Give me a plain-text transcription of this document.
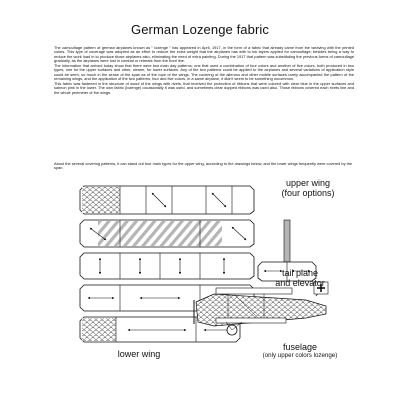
German Lozenge fabric

The camouflage pattern of german airplanes known as " lozenge " has appeared in April, 1917, in the form of a fabric that already came from the weaving with the printed colors. This type of coverage was adopted as an effort to reduce the extra weight that the airplanes has with to ink layers applied for camouflage; besides being a way to reduce the work load in to produce those airplanes also, eliminating the need of extra painting. During the 1917 that pattern was substituting the previous forms of camouflage gradually, as the airplanes were lost in combat or retreats from the front line.

The information that arrived today show that there were two main day patterns: one that used a combination of four colors and another of five colors, both produced in two types, one for the upper surfaces and other, clearer, for lower surfaces. Any of the two patterns could be applied to the airplanes and several variations of application style could be seen, so much in the sense of the span as of the rope of the wings. The covering of the ailerons and other mobile surfaces rarely accompanied the pattern of the remaining wings, and the application of the two patterns, four and five colors, in a same airplane, it didn't seem to be something uncommon.

This fabric was fastened in the structure of wood of the wings with rivets, that received the protection of ribbons that were colored with clear blue in the upper surfaces and salmon pink in the lower. The own fabric (lozenge) occasionally it was used, and sometimes clear dopped ribbons was used also. Those ribbons covered each rivets line and the whole perimeter of the wings.

About the several covering patterns, it can stand out four main types for the upper wing, according to the drawings below, and the lower wings frequently were covered by the span.

upper wing
(four options)
tail plane
and elevator
fuselage
(only upper colors lozenge)
lower wing
